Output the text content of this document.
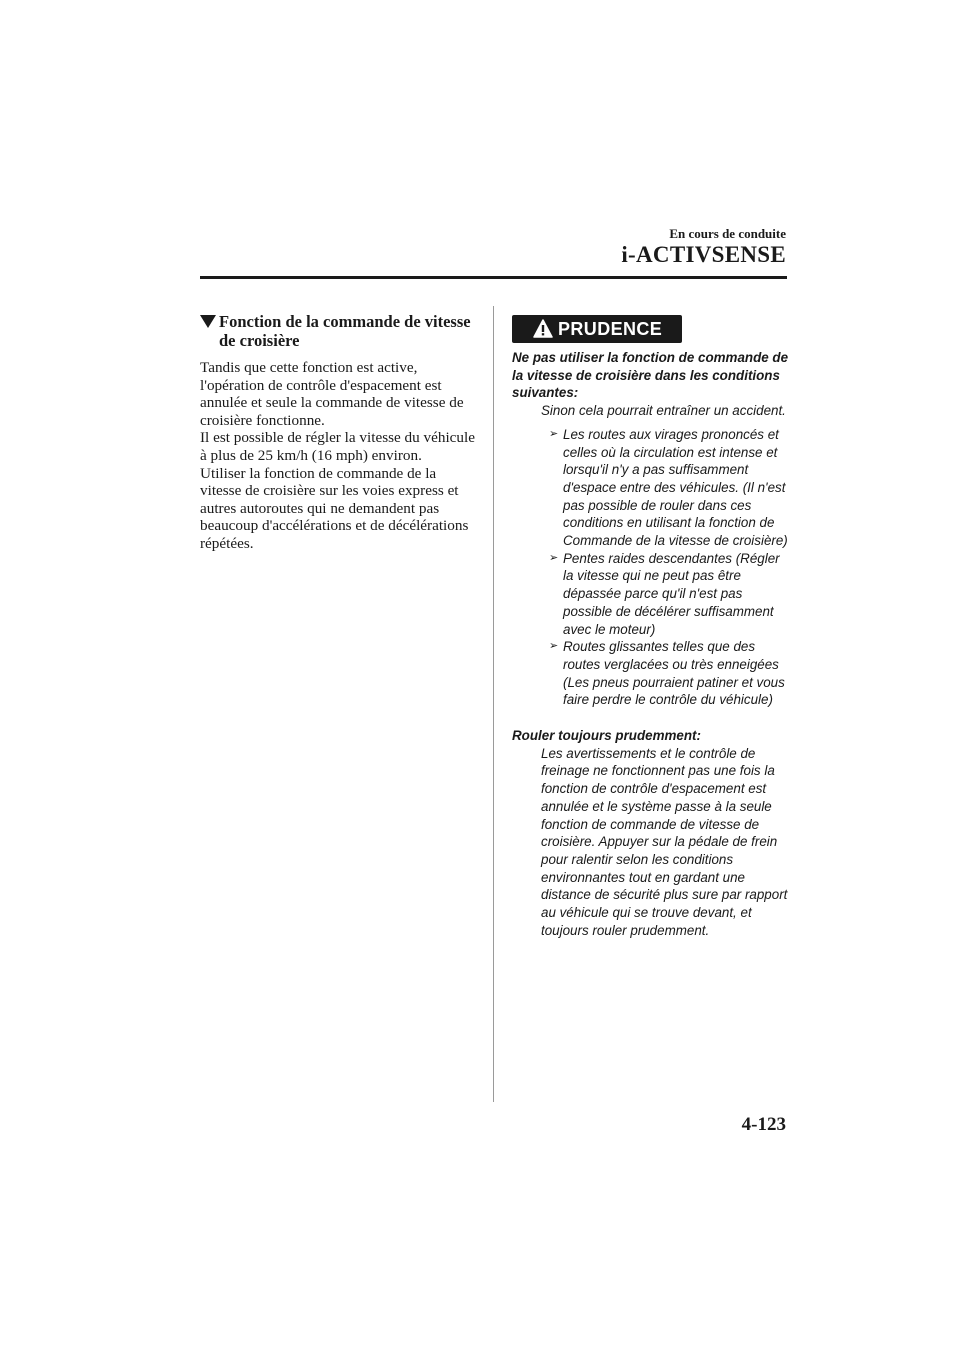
En cours de conduite
i-ACTIVSENSE
Fonction de la commande de vitesse de croisière

Tandis que cette fonction est active, l'opération de contrôle d'espacement est annulée et seule la commande de vitesse de croisière fonctionne.

Il est possible de régler la vitesse du véhicule à plus de 25 km/h (16 mph) environ.

Utiliser la fonction de commande de la vitesse de croisière sur les voies express et autres autoroutes qui ne demandent pas beaucoup d'accélérations et de décélérations répétées.

PRUDENCE

Ne pas utiliser la fonction de commande de la vitesse de croisière dans les conditions suivantes:

Sinon cela pourrait entraîner un accident.

➢ Les routes aux virages prononcés et celles où la circulation est intense et lorsqu'il n'y a pas suffisamment d'espace entre des véhicules. (Il n'est pas possible de rouler dans ces conditions en utilisant la fonction de Commande de la vitesse de croisière)
➢ Pentes raides descendantes (Régler la vitesse qui ne peut pas être dépassée parce qu'il n'est pas possible de décélérer suffisamment avec le moteur)
➢ Routes glissantes telles que des routes verglacées ou très enneigées (Les pneus pourraient patiner et vous faire perdre le contrôle du véhicule)

Rouler toujours prudemment:

Les avertissements et le contrôle de freinage ne fonctionnent pas une fois la fonction de contrôle d'espacement est annulée et le système passe à la seule fonction de commande de vitesse de croisière. Appuyer sur la pédale de frein pour ralentir selon les conditions environnantes tout en gardant une distance de sécurité plus sure par rapport au véhicule qui se trouve devant, et toujours rouler prudemment.

4-123
